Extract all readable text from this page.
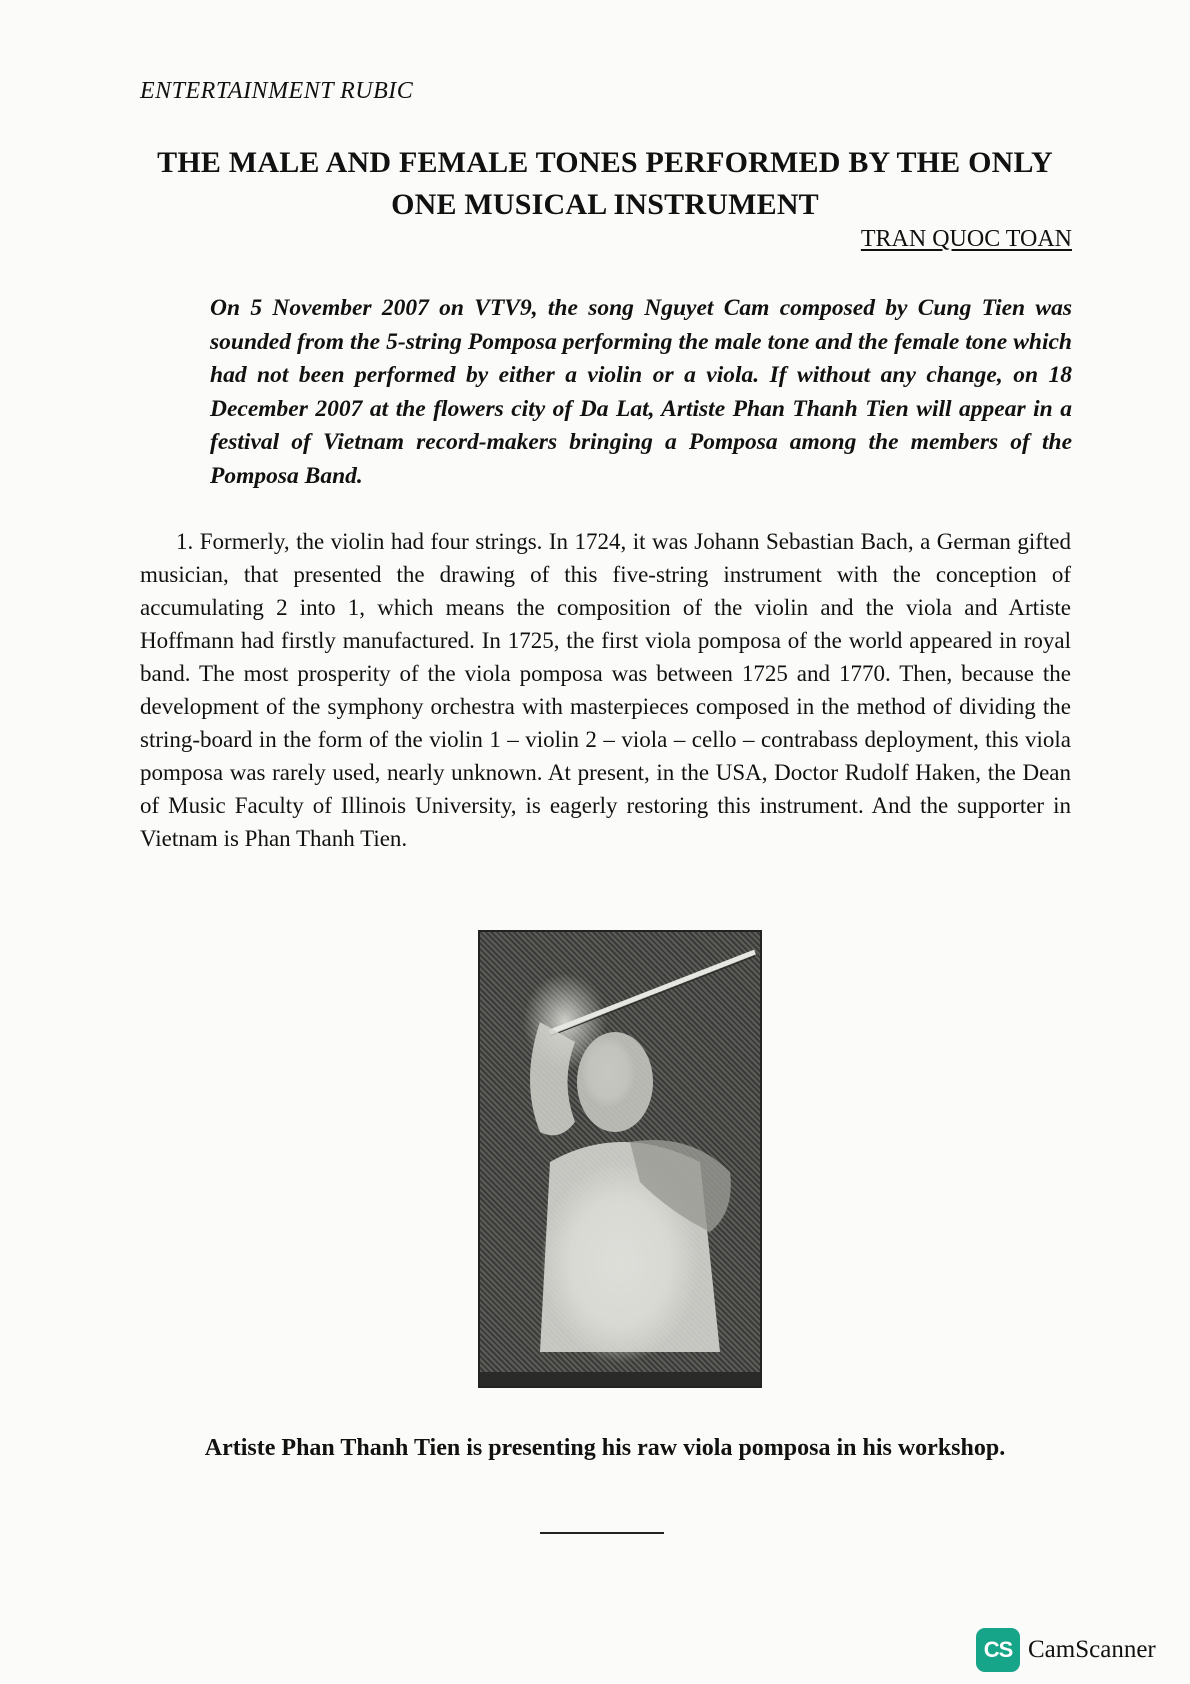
ENTERTAINMENT RUBIC
THE MALE AND FEMALE TONES PERFORMED BY THE ONLY ONE MUSICAL INSTRUMENT
TRAN QUOC TOAN
On 5 November 2007 on VTV9, the song Nguyet Cam composed by Cung Tien was sounded from the 5-string Pomposa performing the male tone and the female tone which had not been performed by either a violin or a viola. If without any change, on 18 December 2007 at the flowers city of Da Lat, Artiste Phan Thanh Tien will appear in a festival of Vietnam record-makers bringing a Pomposa among the members of the Pomposa Band.
1. Formerly, the violin had four strings. In 1724, it was Johann Sebastian Bach, a German gifted musician, that presented the drawing of this five-string instrument with the conception of accumulating 2 into 1, which means the composition of the violin and the viola and Artiste Hoffmann had firstly manufactured. In 1725, the first viola pomposa of the world appeared in royal band. The most prosperity of the viola pomposa was between 1725 and 1770. Then, because the development of the symphony orchestra with masterpieces composed in the method of dividing the string-board in the form of the violin 1 – violin 2 – viola – cello – contrabass deployment, this viola pomposa was rarely used, nearly unknown. At present, in the USA, Doctor Rudolf Haken, the Dean of Music Faculty of Illinois University, is eagerly restoring this instrument. And the supporter in Vietnam is Phan Thanh Tien.
Artiste Phan Thanh Tien is presenting his raw viola pomposa in his workshop.
CS CamScanner
